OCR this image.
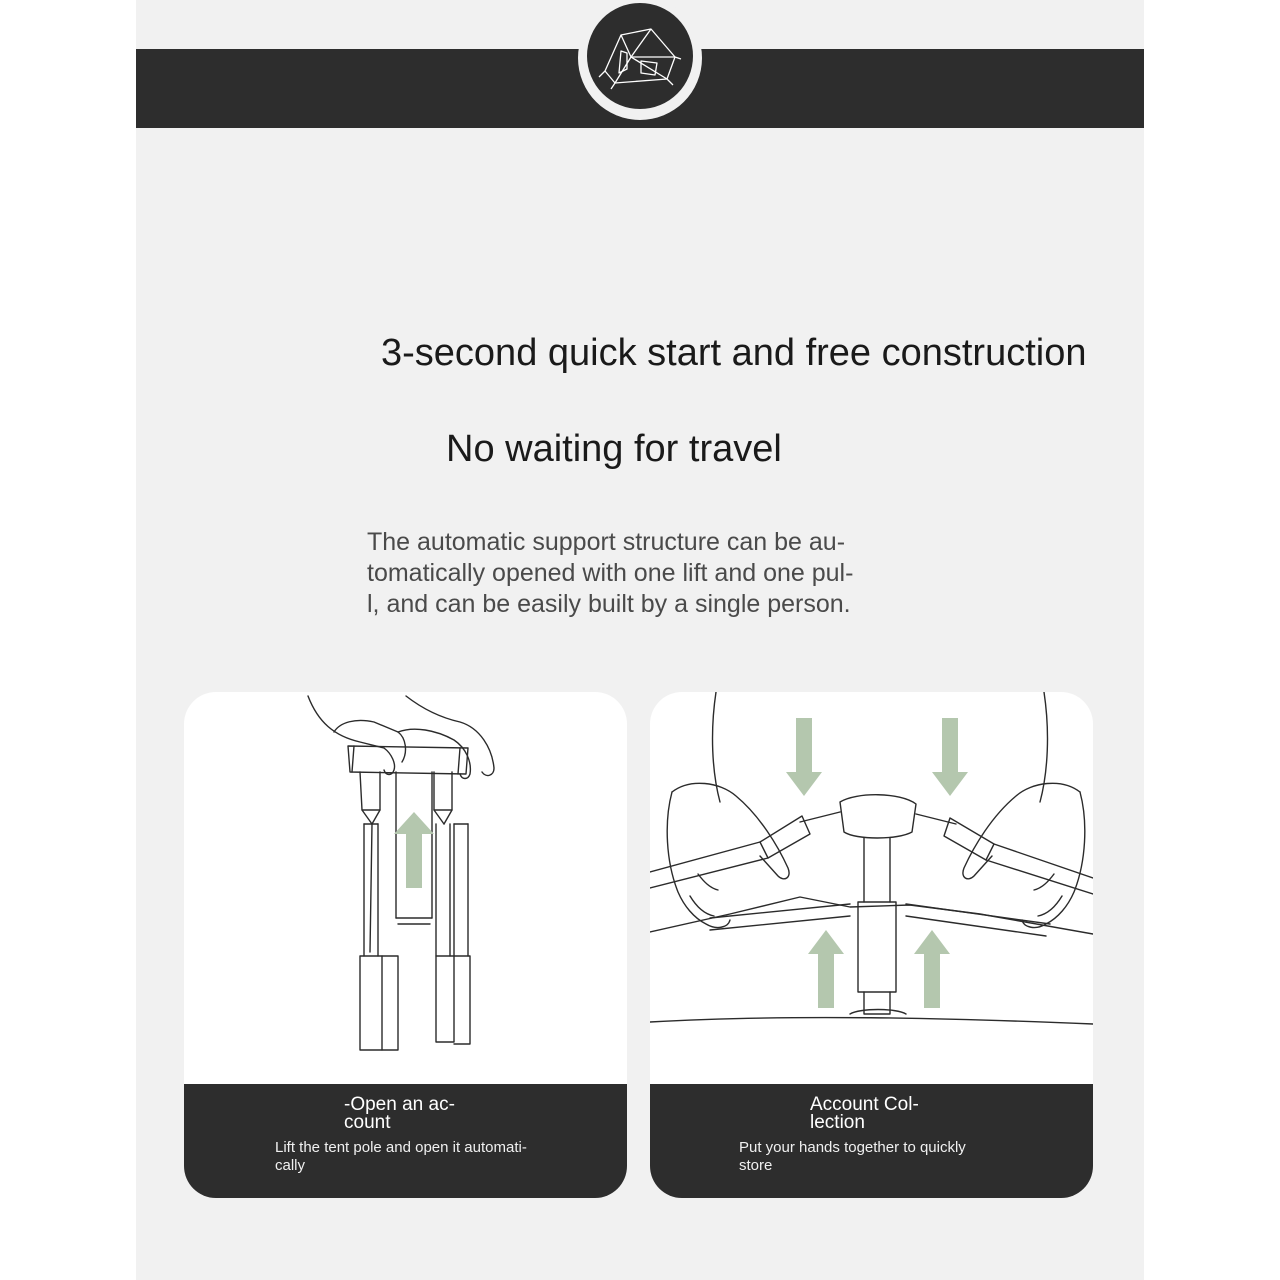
3-second quick start and free construction
No waiting for travel

The automatic support structure can be au-
tomatically opened with one lift and one pul-
l, and can be easily built by a single person.

-Open an ac-
count
Lift the tent pole and open it automati-
cally
Account Col-
lection
Put your hands together to quickly
store
